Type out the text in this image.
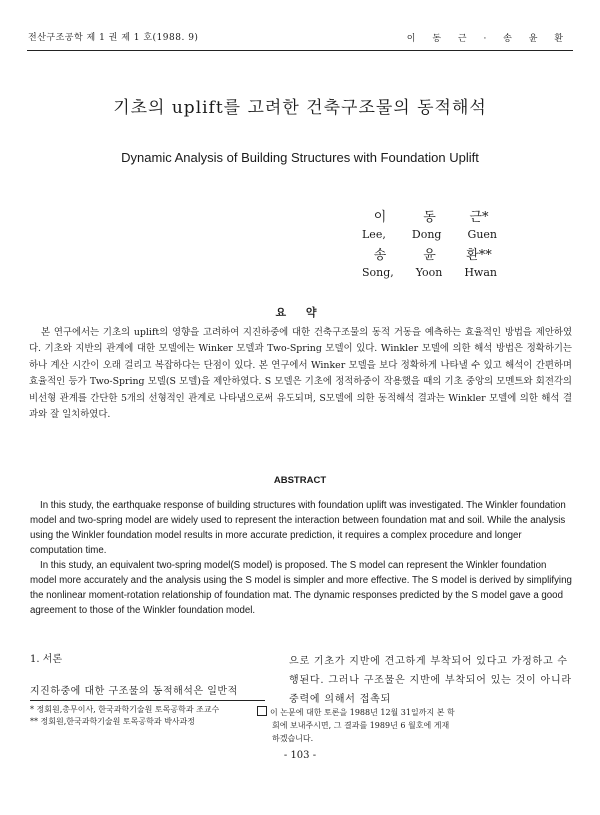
전산구조공학 제 1 권 제 1 호(1988. 9)	이 동 근 · 송 윤 환
기초의 uplift를 고려한 건축구조물의 동적해석
Dynamic Analysis of Building Structures with Foundation Uplift
이	동	근*
Lee, Dong Guen
송	윤	환**
Song, Yoon Hwan
요 약

본 연구에서는 기초의 uplift의 영향을 고려하여 지진하중에 대한 건축구조물의 동적 거동을 예측하는 효율적인 방법을 제안하였다. 기초와 지반의 관계에 대한 모델에는 Winker 모델과 Two-Spring 모델이 있다. Winkler 모델에 의한 해석 방법은 정확하기는 하나 계산 시간이 오래 걸리고 복잡하다는 단점이 있다. 본 연구에서 Winker 모델을 보다 정확하게 나타낼 수 있고 해석이 간편하며 효율적인 등가 Two-Spring 모델(S 모델)을 제안하였다. S 모델은 기초에 정적하중이 작용했을 때의 기초 중앙의 모멘트와 회전각의 비선형 관계를 간단한 5개의 선형적인 관계로 나타냄으로써 유도되며, S모델에 의한 동적해석 결과는 Winkler 모델에 의한 해석 결과와 잘 일치하였다.

ABSTRACT

In this study, the earthquake response of building structures with foundation uplift was investigated. The Winkler foundation model and two-spring model are widely used to represent the interaction between foundation mat and soil. While the analysis using the Winkler foundation model results in more accurate prediction, it requires a complex procedure and longer computation time.

In this study, an equivalent two-spring model(S model) is proposed. The S model can represent the Winkler foundation model more accurately and the analysis using the S model is simpler and more effective. The S model is derived by simplifying the nonlinear moment-rotation relationship of foundation mat. The dynamic responses predicted by the S model gave a good agreement to those of the Winkler foundation model.

1. 서론
지진하중에 대한 구조물의 동적해석은 일반적
으로 기초가 지반에 견고하게 부착되어 있다고 가정하고 수행된다. 그러나 구조물은 지반에 부착되어 있는 것이 아니라 중력에 의해서 접촉되
* 정회원,총무이사, 한국과학기술원 토목공학과 조교수
** 정회원,한국과학기술원 토목공학과 박사과정
이 논문에 대한 토론을 1988년 12월 31일까지 본 학
회에 보내주시면, 그 결과를 1989년 6 월호에 게재
하겠습니다.
- 103 -
